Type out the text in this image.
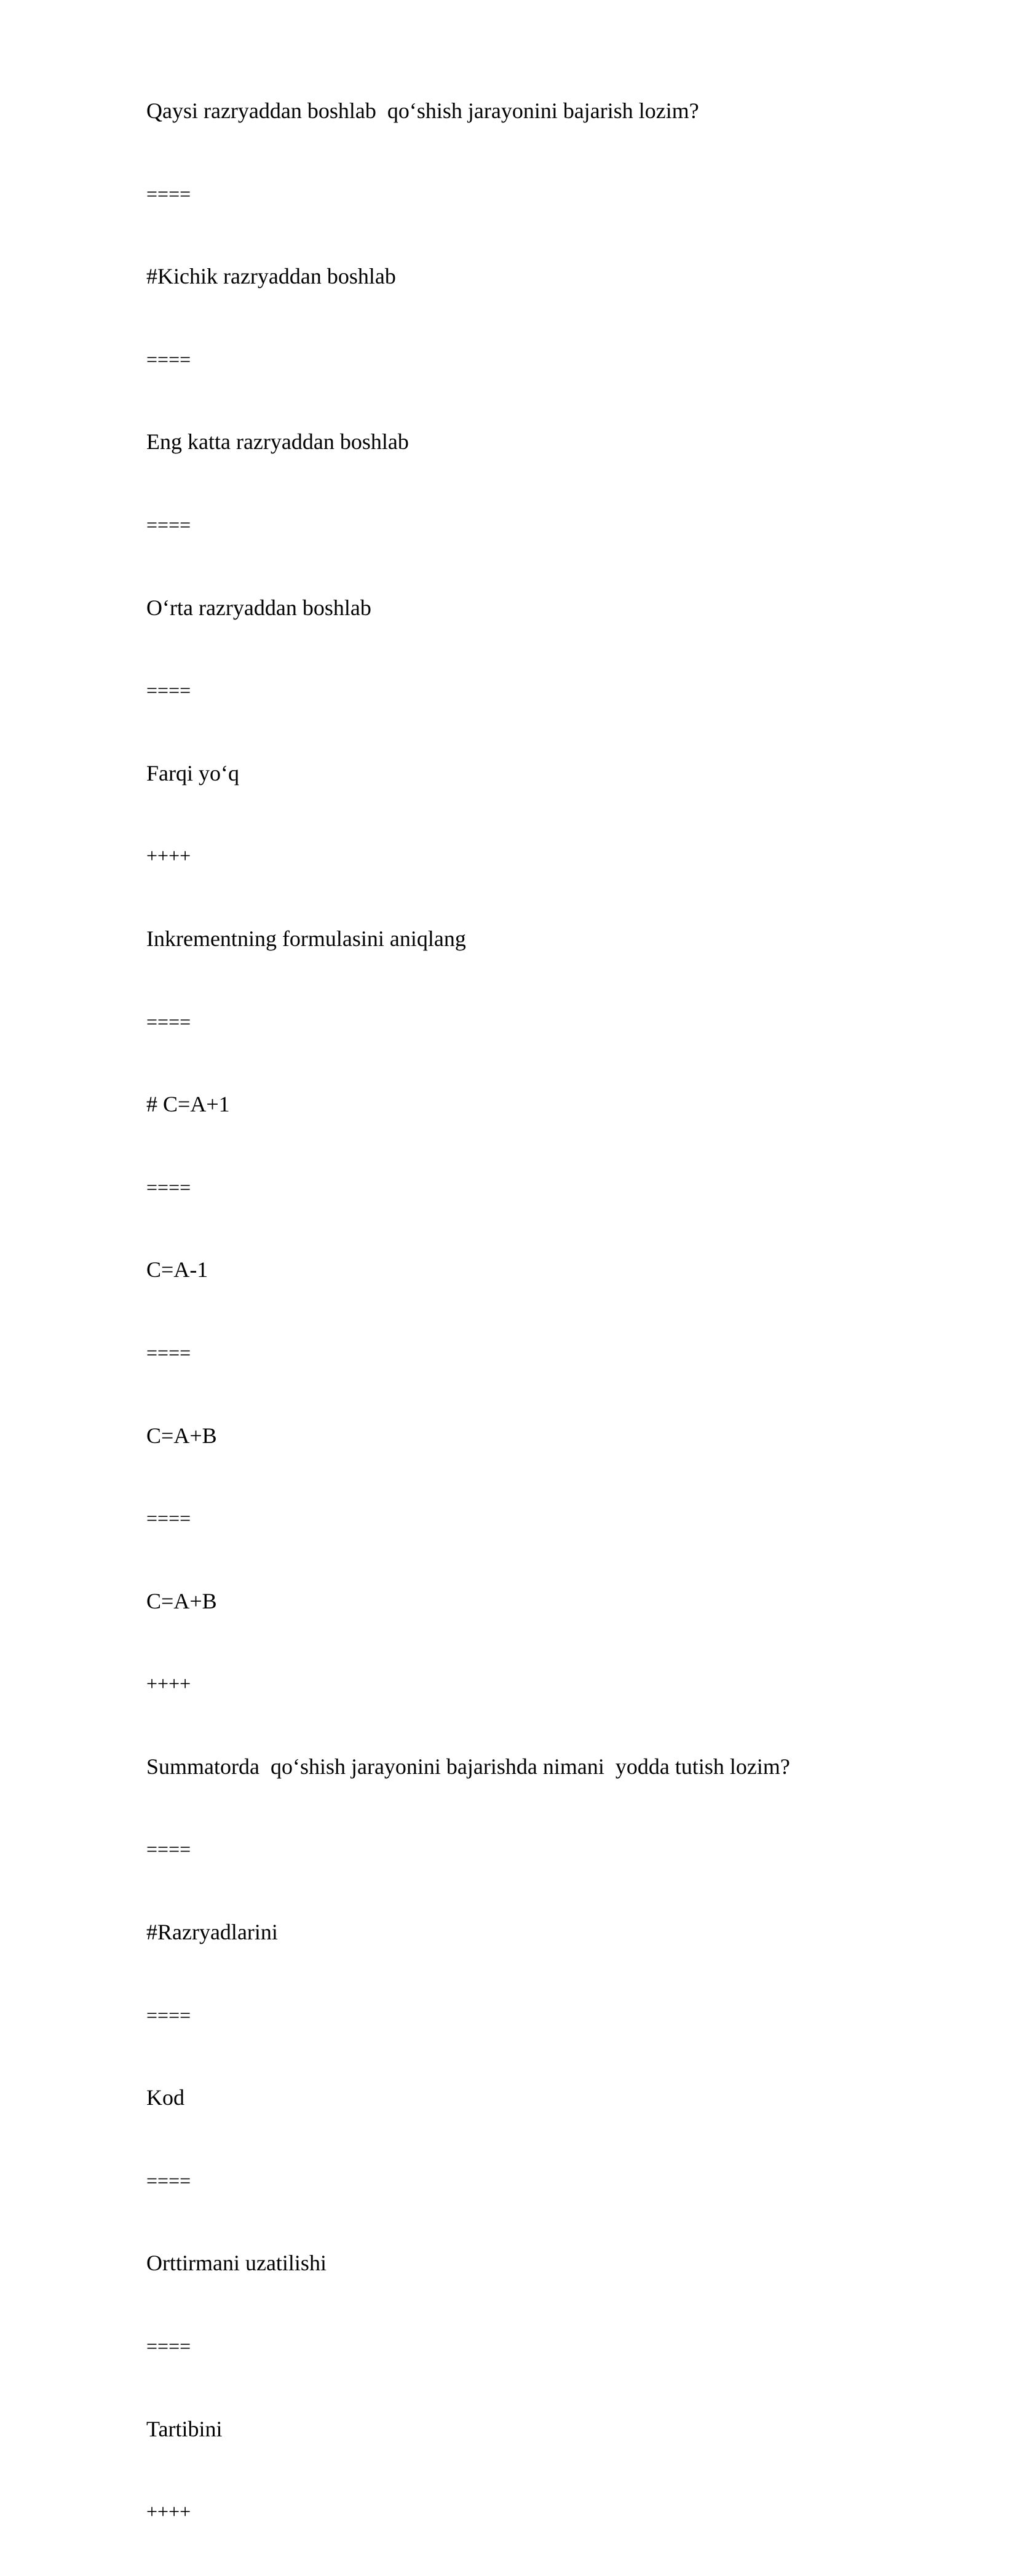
Qaysi razryaddan boshlab  qo‘shish jarayonini bajarish lozim?
====
#Kichik razryaddan boshlab
====
Eng katta razryaddan boshlab
====
O‘rta razryaddan boshlab
====
Farqi yo‘q
++++
Inkrementning formulasini aniqlang
====
# C=A+1
====
C=A-1
====
C=A+B
====
C=A+B
++++
Summatorda  qo‘shish jarayonini bajarishda nimani  yodda tutish lozim?
====
#Razryadlarini
====
Kod
====
Orttirmani uzatilishi
====
Tartibini
++++
